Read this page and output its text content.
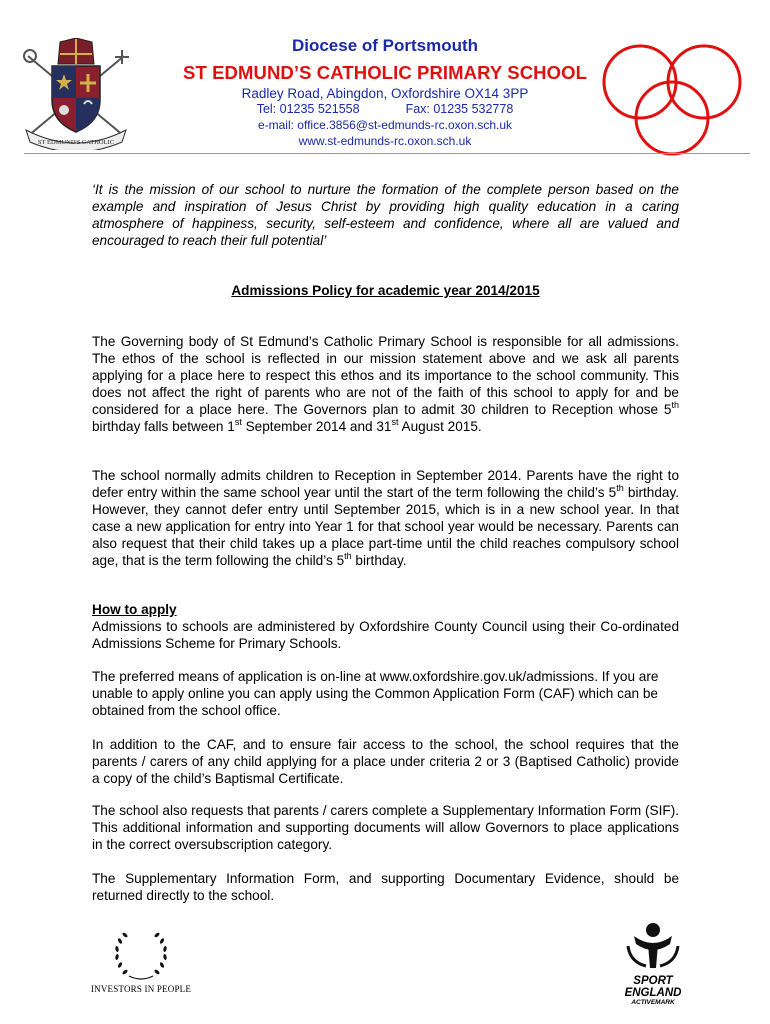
ST EDMUND'S CATHOLIC
Diocese of Portsmouth
ST EDMUND’S CATHOLIC PRIMARY SCHOOL
Radley Road, Abingdon, Oxfordshire OX14 3PP
Tel: 01235 521558	Fax: 01235 532778
e-mail: office.3856@st-edmunds-rc.oxon.sch.uk
www.st-edmunds-rc.oxon.sch.uk

‘It is the mission of our school to nurture the formation of the complete person based on the example and inspiration of Jesus Christ by providing high quality education in a caring atmosphere of happiness, security, self-esteem and confidence, where all are valued and encouraged to reach their full potential’

Admissions Policy for academic year 2014/2015

The Governing body of St Edmund’s Catholic Primary School is responsible for all admissions. The ethos of the school is reflected in our mission statement above and we ask all parents applying for a place here to respect this ethos and its importance to the school community. This does not affect the right of parents who are not of the faith of this school to apply for and be considered for a place here. The Governors plan to admit 30 children to Reception whose 5th birthday falls between 1st September 2014 and 31st August 2015.

The school normally admits children to Reception in September 2014. Parents have the right to defer entry within the same school year until the start of the term following the child’s 5th birthday. However, they cannot defer entry until September 2015, which is in a new school year. In that case a new application for entry into Year 1 for that school year would be necessary. Parents can also request that their child takes up a place part-time until the child reaches compulsory school age, that is the term following the child’s 5th birthday.

How to apply
Admissions to schools are administered by Oxfordshire County Council using their Co-ordinated Admissions Scheme for Primary Schools.

The preferred means of application is on-line at www.oxfordshire.gov.uk/admissions. If you are unable to apply online you can apply using the Common Application Form (CAF) which can be obtained from the school office.

In addition to the CAF, and to ensure fair access to the school, the school requires that the parents / carers of any child applying for a place under criteria 2 or 3 (Baptised Catholic) provide a copy of the child’s Baptismal Certificate.

The school also requests that parents / carers complete a Supplementary Information Form (SIF). This additional information and supporting documents will allow Governors to place applications in the correct oversubscription category.

The Supplementary Information Form, and supporting Documentary Evidence, should be returned directly to the school.

INVESTORS IN PEOPLE
SPORT
ENGLAND
ACTIVEMARK
